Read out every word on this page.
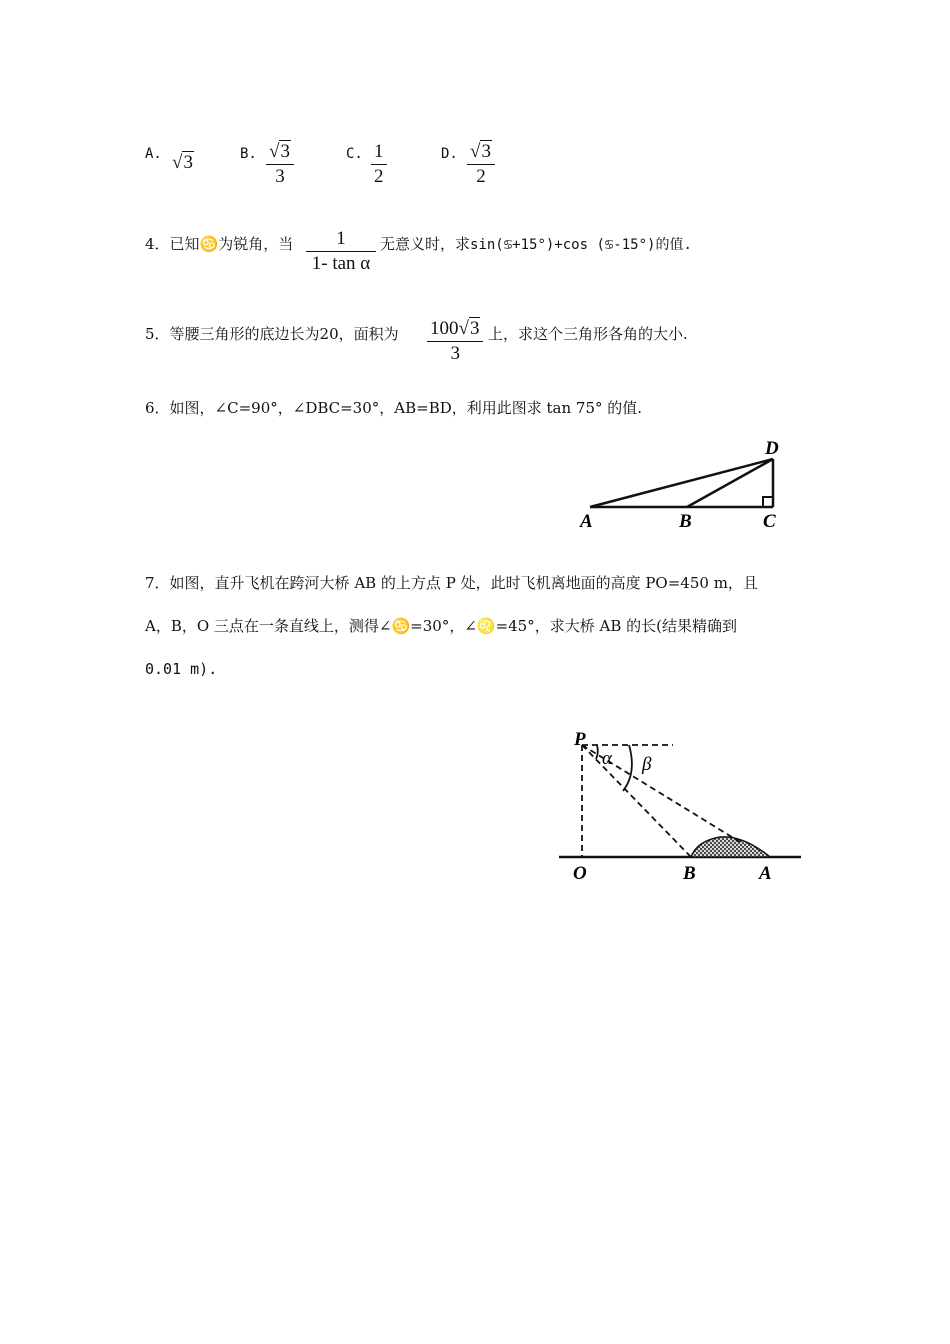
A. √3	B. $\frac{√3}{3}$	C. $\frac{1}{2}$	D. $\frac{√3}{2}$
4．已知♋为锐角，当 $\frac{1}{\text{1- tan α}}$ 无意义时，求sin(♋+15°)+cos (♋-15°)的值.
5．等腰三角形的底边长为20，面积为 $\frac{100√3}{3}$ 上，求这个三角形各角的大小.
6．如图，∠C=90°，∠DBC=30°，AB=BD，利用此图求 tan 75° 的值.
A	B	C
D
7．如图，直升飞机在跨河大桥 AB 的上方点 P 处，此时飞机离地面的高度 PO=450 m，且
A，B，O 三点在一条直线上，测得∠♋=30°，∠♌=45°，求大桥 AB 的长(结果精确到
0.01 m).
P
O	B	A
α β
